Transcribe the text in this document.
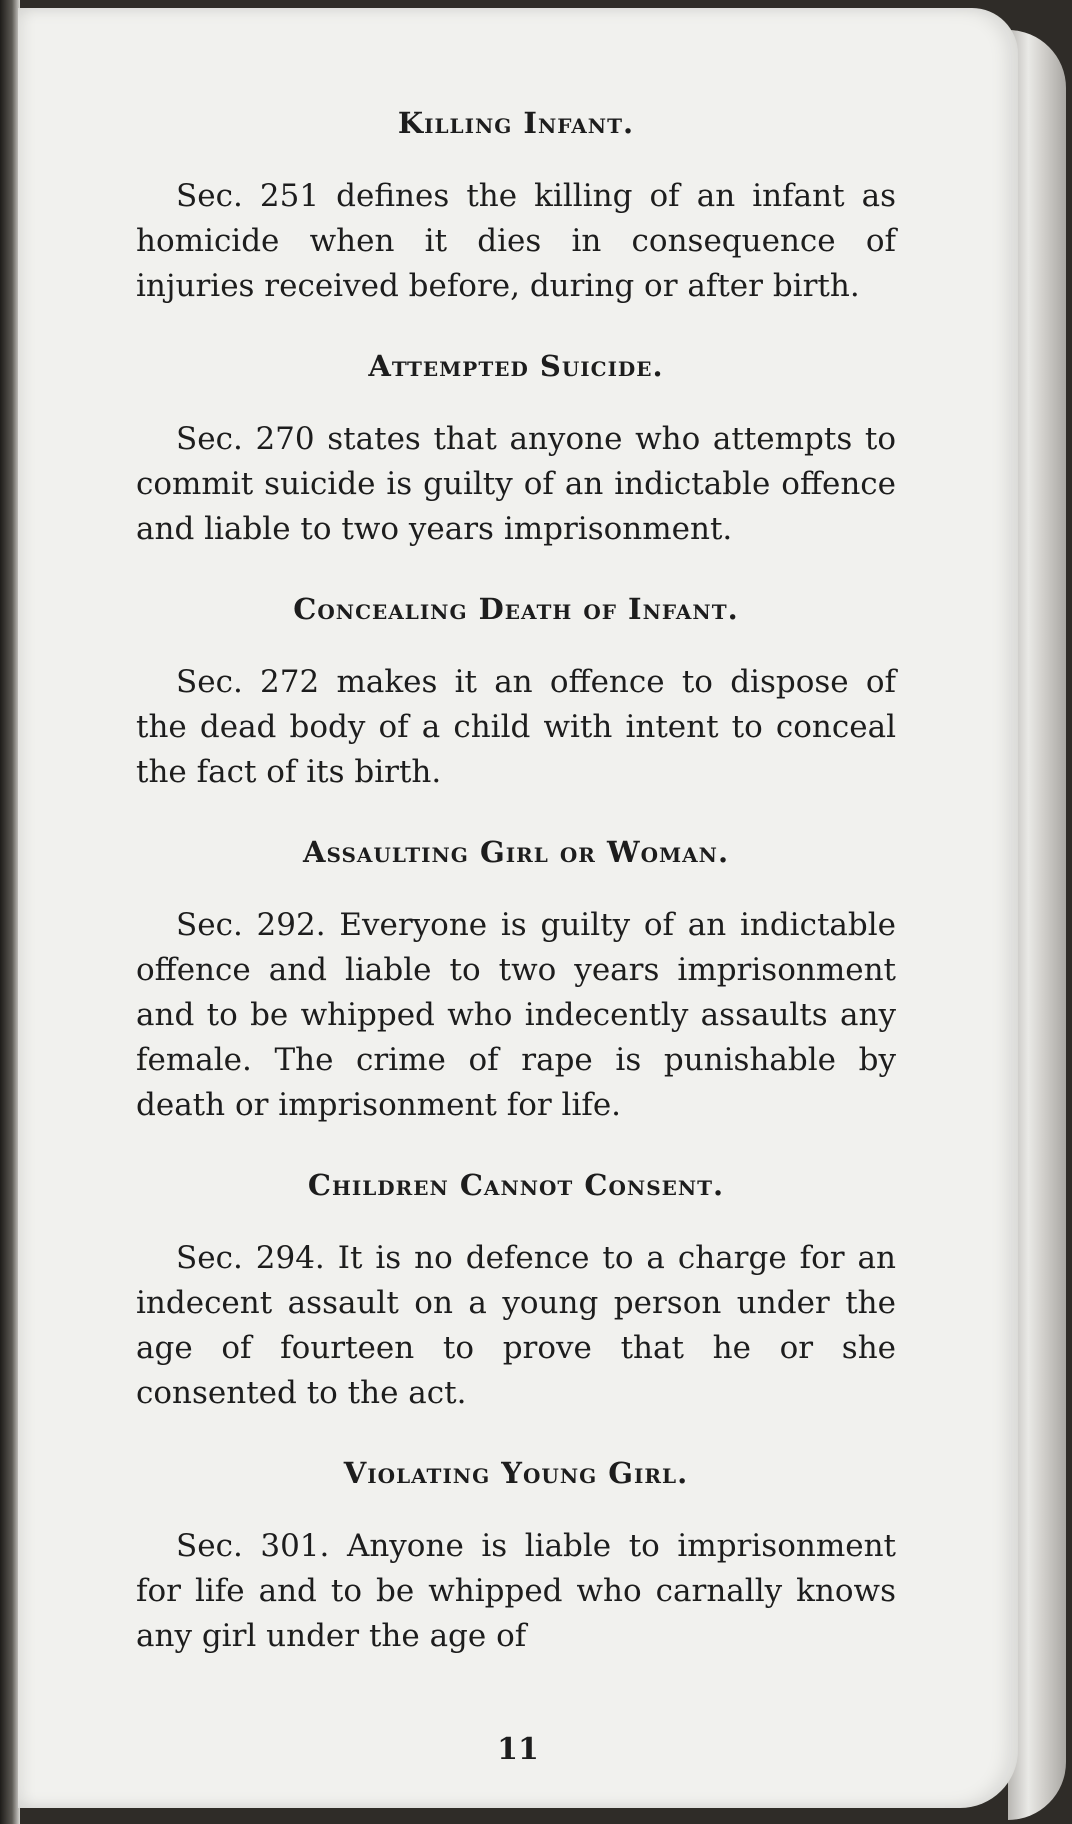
Killing Infant.

Sec. 251 defines the killing of an infant as homicide when it dies in consequence of injuries received before, during or after birth.

Attempted Suicide.

Sec. 270 states that anyone who attempts to commit suicide is guilty of an indictable offence and liable to two years imprisonment.

Concealing Death of Infant.

Sec. 272 makes it an offence to dispose of the dead body of a child with intent to conceal the fact of its birth.

Assaulting Girl or Woman.

Sec. 292. Everyone is guilty of an indictable offence and liable to two years imprisonment and to be whipped who indecently assaults any female. The crime of rape is punishable by death or imprisonment for life.

Children Cannot Consent.

Sec. 294. It is no defence to a charge for an indecent assault on a young person under the age of fourteen to prove that he or she consented to the act.

Violating Young Girl.

Sec. 301. Anyone is liable to imprisonment for life and to be whipped who carnally knows any girl under the age of

11
